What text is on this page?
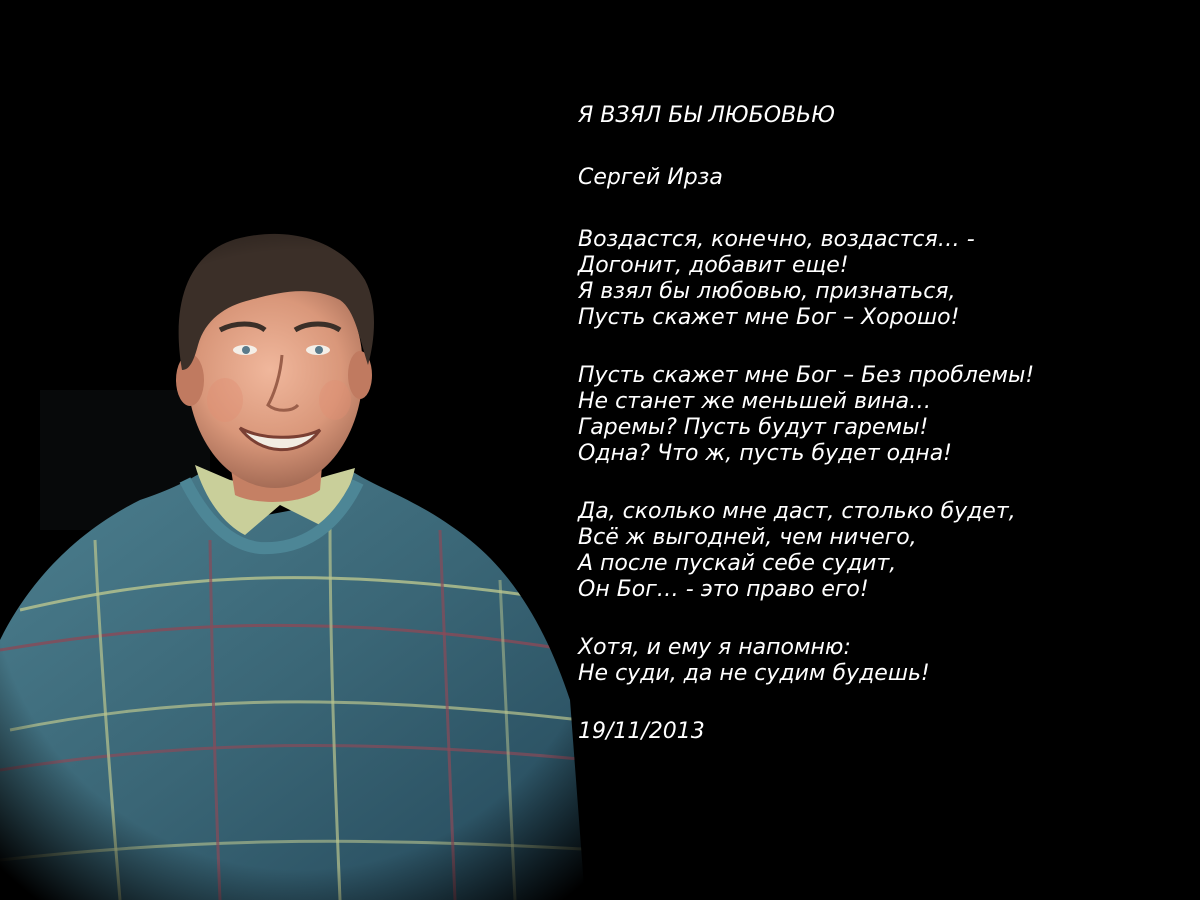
Я ВЗЯЛ БЫ ЛЮБОВЬЮ
Сергей Ирза
Воздастся, конечно, воздастся… -
Догонит, добавит еще!
Я взял бы любовью, признаться,
Пусть скажет мне Бог – Хорошо!
Пусть скажет мне Бог – Без проблемы!
Не станет же меньшей вина…
Гаремы? Пусть будут гаремы!
Одна? Что ж, пусть будет одна!
Да, сколько мне даст, столько будет,
Всё ж выгодней, чем ничего,
А после пускай себе судит,
Он Бог… - это право его!
Хотя, и ему я напомню:
Не суди, да не судим будешь!
19/11/2013
